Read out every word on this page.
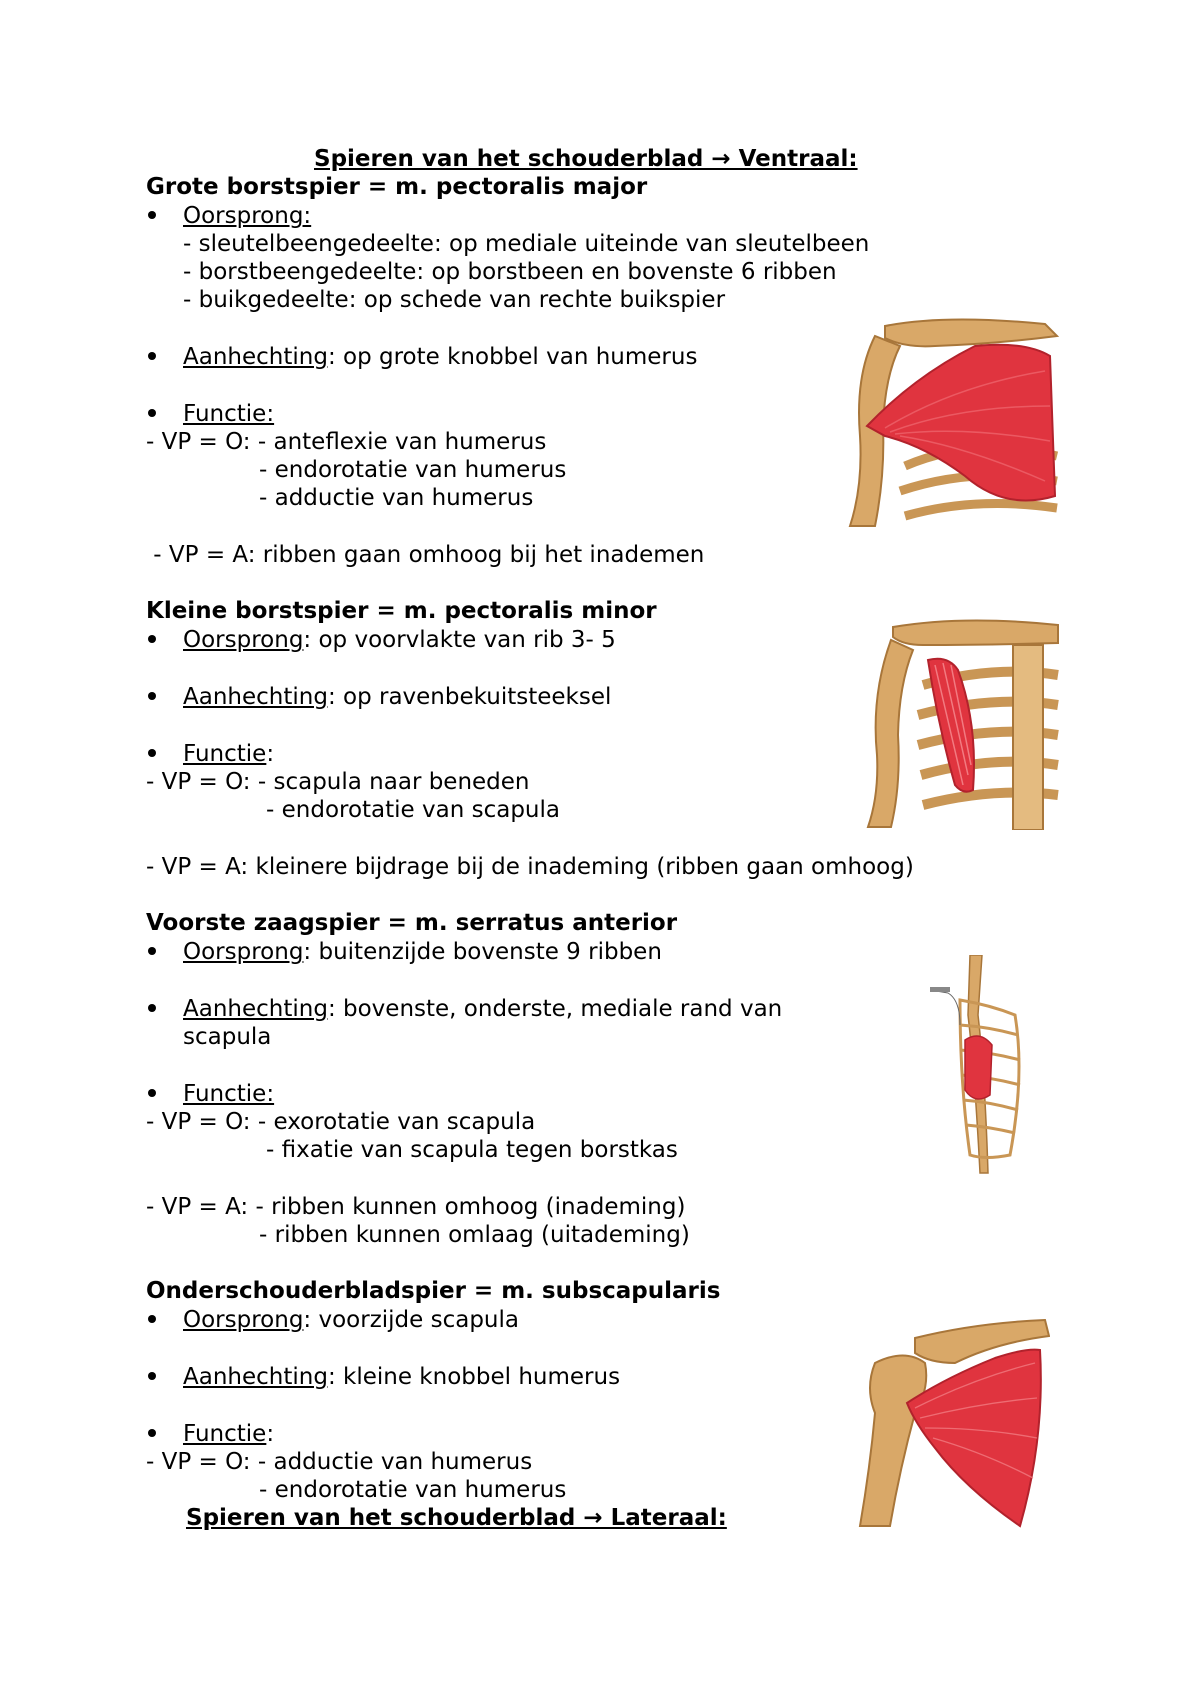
Spieren van het schouderblad → Ventraal:
Grote borstspier = m. pectoralis major
Oorsprong:
- sleutelbeengedeelte: op mediale uiteinde van sleutelbeen
- borstbeengedeelte: op borstbeen en bovenste 6 ribben
- buikgedeelte: op schede van rechte buikspier
Aanhechting: op grote knobbel van humerus
Functie:
- VP = O: - anteflexie van humerus
- endorotatie van humerus
- adductie van humerus
- VP = A: ribben gaan omhoog bij het inademen
Kleine borstspier = m. pectoralis minor
Oorsprong: op voorvlakte van rib 3- 5
Aanhechting: op ravenbekuitsteeksel
Functie:
- VP = O: - scapula naar beneden
- endorotatie van scapula
- VP = A: kleinere bijdrage bij de inademing (ribben gaan omhoog)
Voorste zaagspier = m. serratus anterior
Oorsprong: buitenzijde bovenste 9 ribben
Aanhechting: bovenste, onderste, mediale rand van
scapula
Functie:
- VP = O: - exorotatie van scapula
- fixatie van scapula tegen borstkas
- VP = A: - ribben kunnen omhoog (inademing)
- ribben kunnen omlaag (uitademing)
Onderschouderbladspier = m. subscapularis
Oorsprong: voorzijde scapula
Aanhechting: kleine knobbel humerus
Functie:
- VP = O: - adductie van humerus
- endorotatie van humerus
Spieren van het schouderblad → Lateraal:
